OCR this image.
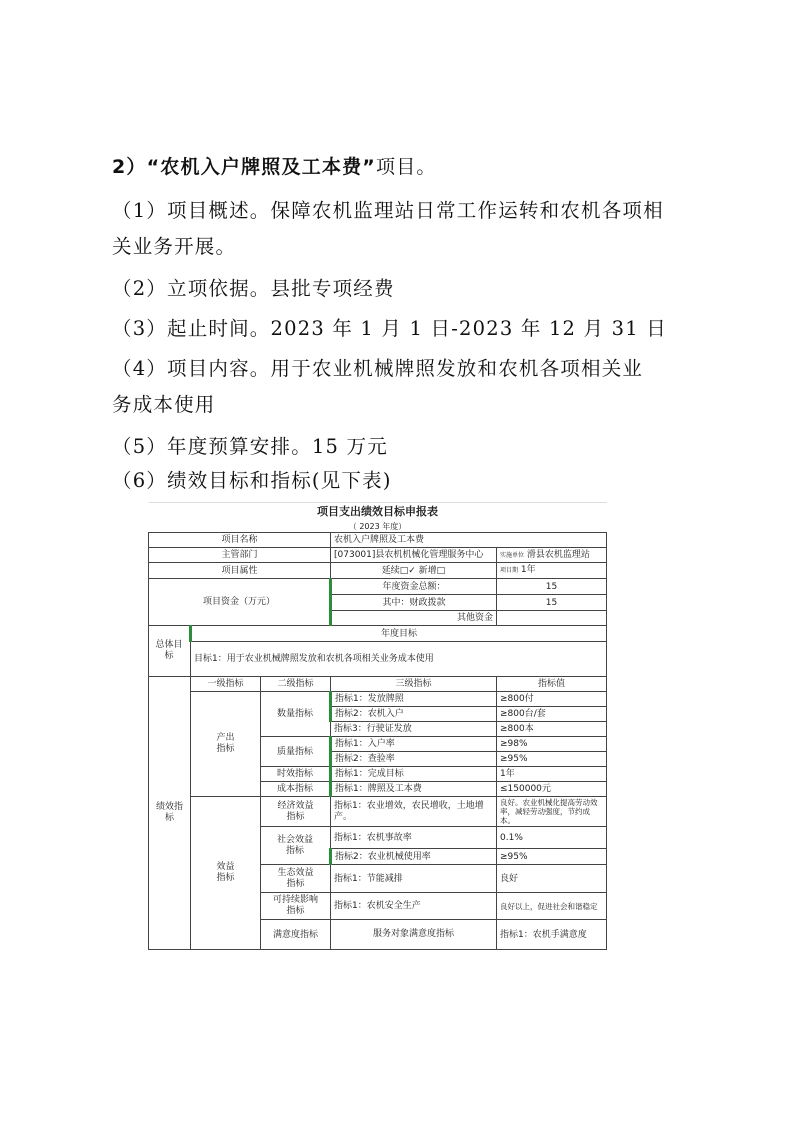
2）“农机入户牌照及工本费”项目。
（1）项目概述。保障农机监理站日常工作运转和农机各项相
关业务开展。
（2）立项依据。县批专项经费
（3）起止时间。2023 年 1 月 1 日-2023 年 12 月 31 日
（4）项目内容。用于农业机械牌照发放和农机各项相关业
务成本使用
（5）年度预算安排。15 万元
（6）绩效目标和指标(见下表)
项目支出绩效目标申报表					
（ 2023 年度）					
项目名称			农机入户牌照及工本费		
主管部门			[073001]县农机机械化管理服务中心	实施单位 滑县农机监理站	
项目属性			延续□✓ 新增□	项目期 1年	
项目资金（万元）			年度资金总额：	15	
			其中：财政拨款	15	
			其他资金		
总体目标	年度目标				
	目标1：用于农业机械牌照发放和农机各项相关业务成本使用				
绩效指标	一级指标	二级指标	三级指标	指标值	
	产出指标	数量指标	指标1：发放牌照	≥800付	
			指标2：农机入户	≥800台/套	
			指标3：行驶证发放	≥800本	
		质量指标	指标1：入户率	≥98%	
			指标2：查验率	≥95%	
		时效指标	指标1：完成目标	1年	
		成本指标	指标1：牌照及工本费	≤150000元	
	效益指标	经济效益指标	指标1：农业增效，农民增收，土地增产。	良好。农业机械化提高劳动效率，减轻劳动强度，节约成本。	
		社会效益指标	指标1：农机事故率	0.1%	
			指标2：农业机械使用率	≥95%	
		生态效益指标	指标1：节能减排	良好	
		可持续影响指标	指标1：农机安全生产	良好以上，促进社会和谐稳定	
		满意度指标	服务对象满意度指标	指标1：农机手满意度	
